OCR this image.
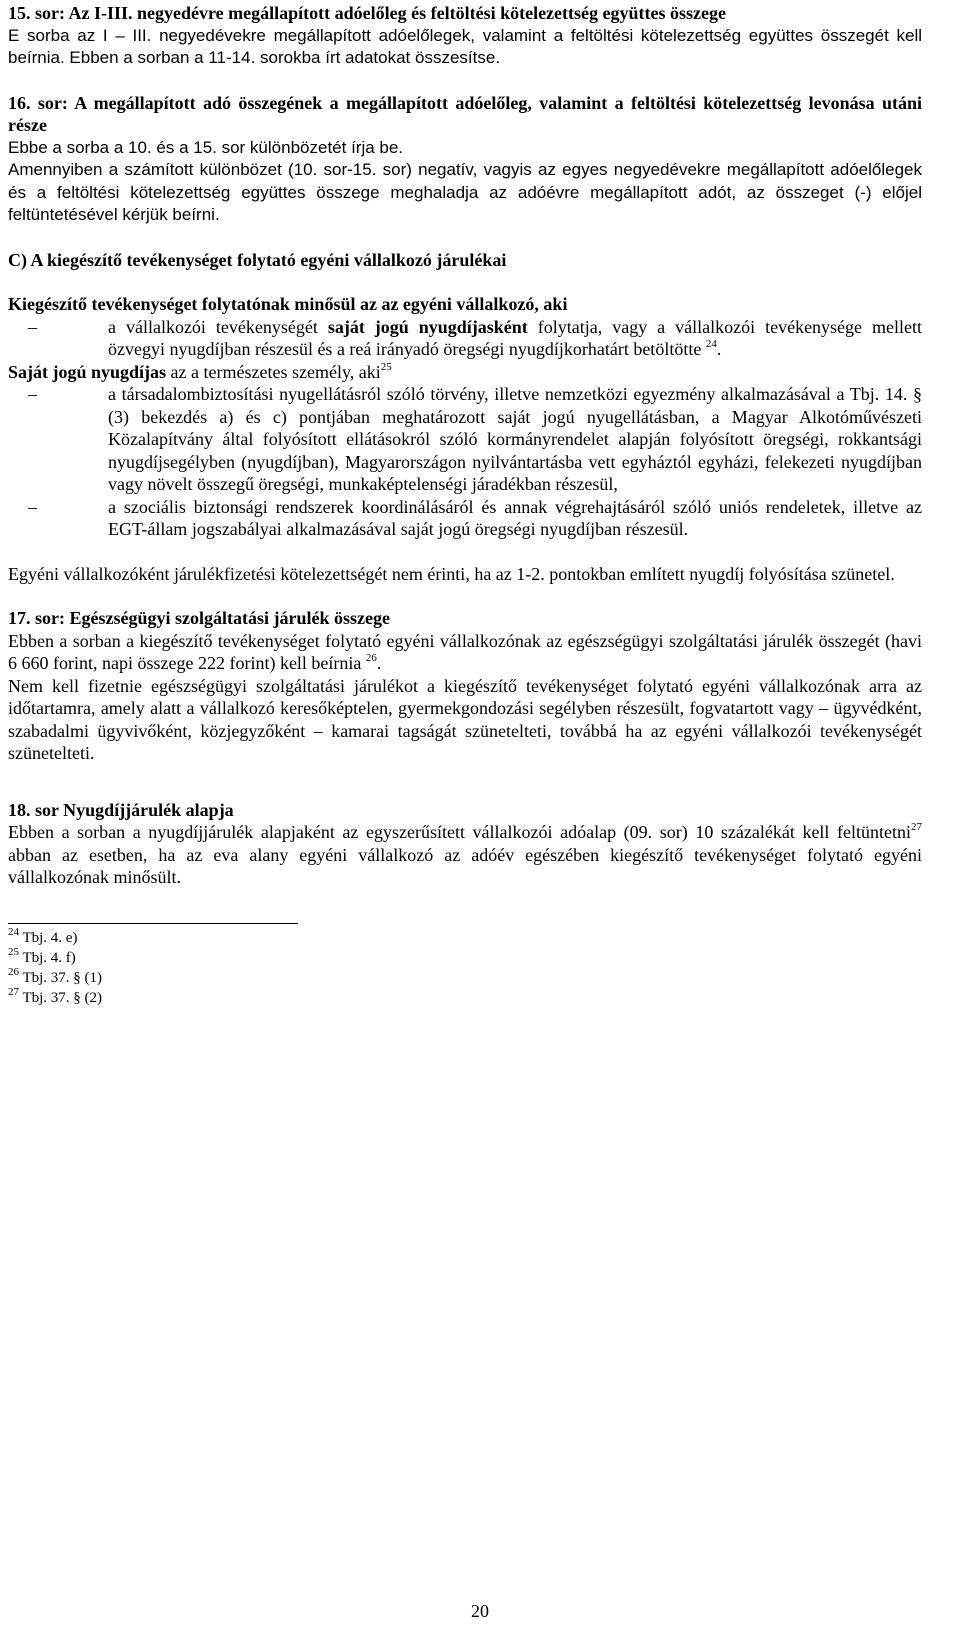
15. sor: Az I-III. negyedévre megállapított adóelőleg és feltöltési kötelezettség együttes összege

E sorba az I – III. negyedévekre megállapított adóelőlegek, valamint a feltöltési kötelezettség együttes összegét kell beírnia. Ebben a sorban a 11-14. sorokba írt adatokat összesítse.

16. sor: A megállapított adó összegének a megállapított adóelőleg, valamint a feltöltési kötelezettség levonása utáni része

Ebbe a sorba a 10. és a 15. sor különbözetét írja be.

Amennyiben a számított különbözet (10. sor-15. sor) negatív, vagyis az egyes negyedévekre megállapított adóelőlegek és a feltöltési kötelezettség együttes összege meghaladja az adóévre megállapított adót, az összeget (-) előjel feltüntetésével kérjük beírni.

C) A kiegészítő tevékenységet folytató egyéni vállalkozó járulékai

Kiegészítő tevékenységet folytatónak minősül az az egyéni vállalkozó, aki

–	a vállalkozói tevékenységét saját jogú nyugdíjasként folytatja, vagy a vállalkozói tevékenysége mellett özvegyi nyugdíjban részesül és a reá irányadó öregségi nyugdíjkorhatárt betöltötte $^{24}$.

Saját jogú nyugdíjas az a természetes személy, aki$^{25}$

–	a társadalombiztosítási nyugellátásról szóló törvény, illetve nemzetközi egyezmény alkalmazásával a Tbj. 14. § (3) bekezdés a) és c) pontjában meghatározott saját jogú nyugellátásban, a Magyar Alkotóművészeti Közalapítvány által folyósított ellátásokról szóló kormányrendelet alapján folyósított öregségi, rokkantsági nyugdíjsegélyben (nyugdíjban), Magyarországon nyilvántartásba vett egyháztól egyházi, felekezeti nyugdíjban vagy növelt összegű öregségi, munkaképtelenségi járadékban részesül,
–	a szociális biztonsági rendszerek koordinálásáról és annak végrehajtásáról szóló uniós rendeletek, illetve az EGT-állam jogszabályai alkalmazásával saját jogú öregségi nyugdíjban részesül.

Egyéni vállalkozóként járulékfizetési kötelezettségét nem érinti, ha az 1-2. pontokban említett nyugdíj folyósítása szünetel.

17. sor: Egészségügyi szolgáltatási járulék összege

Ebben a sorban a kiegészítő tevékenységet folytató egyéni vállalkozónak az egészségügyi szolgáltatási járulék összegét (havi 6 660 forint, napi összege 222 forint) kell beírnia $^{26}$.

Nem kell fizetnie egészségügyi szolgáltatási járulékot a kiegészítő tevékenységet folytató egyéni vállalkozónak arra az időtartamra, amely alatt a vállalkozó keresőképtelen, gyermekgondozási segélyben részesült, fogvatartott vagy – ügyvédként, szabadalmi ügyvivőként, közjegyzőként – kamarai tagságát szünetelteti, továbbá ha az egyéni vállalkozói tevékenységét szünetelteti.

18. sor Nyugdíjjárulék alapja

Ebben a sorban a nyugdíjjárulék alapjaként az egyszerűsített vállalkozói adóalap (09. sor) 10 százalékát kell feltüntetni$^{27}$ abban az esetben, ha az eva alany egyéni vállalkozó az adóév egészében kiegészítő tevékenységet folytató egyéni vállalkozónak minősült.

$^{24}$ Tbj. 4. e)
$^{25}$ Tbj. 4. f)
$^{26}$ Tbj. 37. § (1)
$^{27}$ Tbj. 37. § (2)
20
